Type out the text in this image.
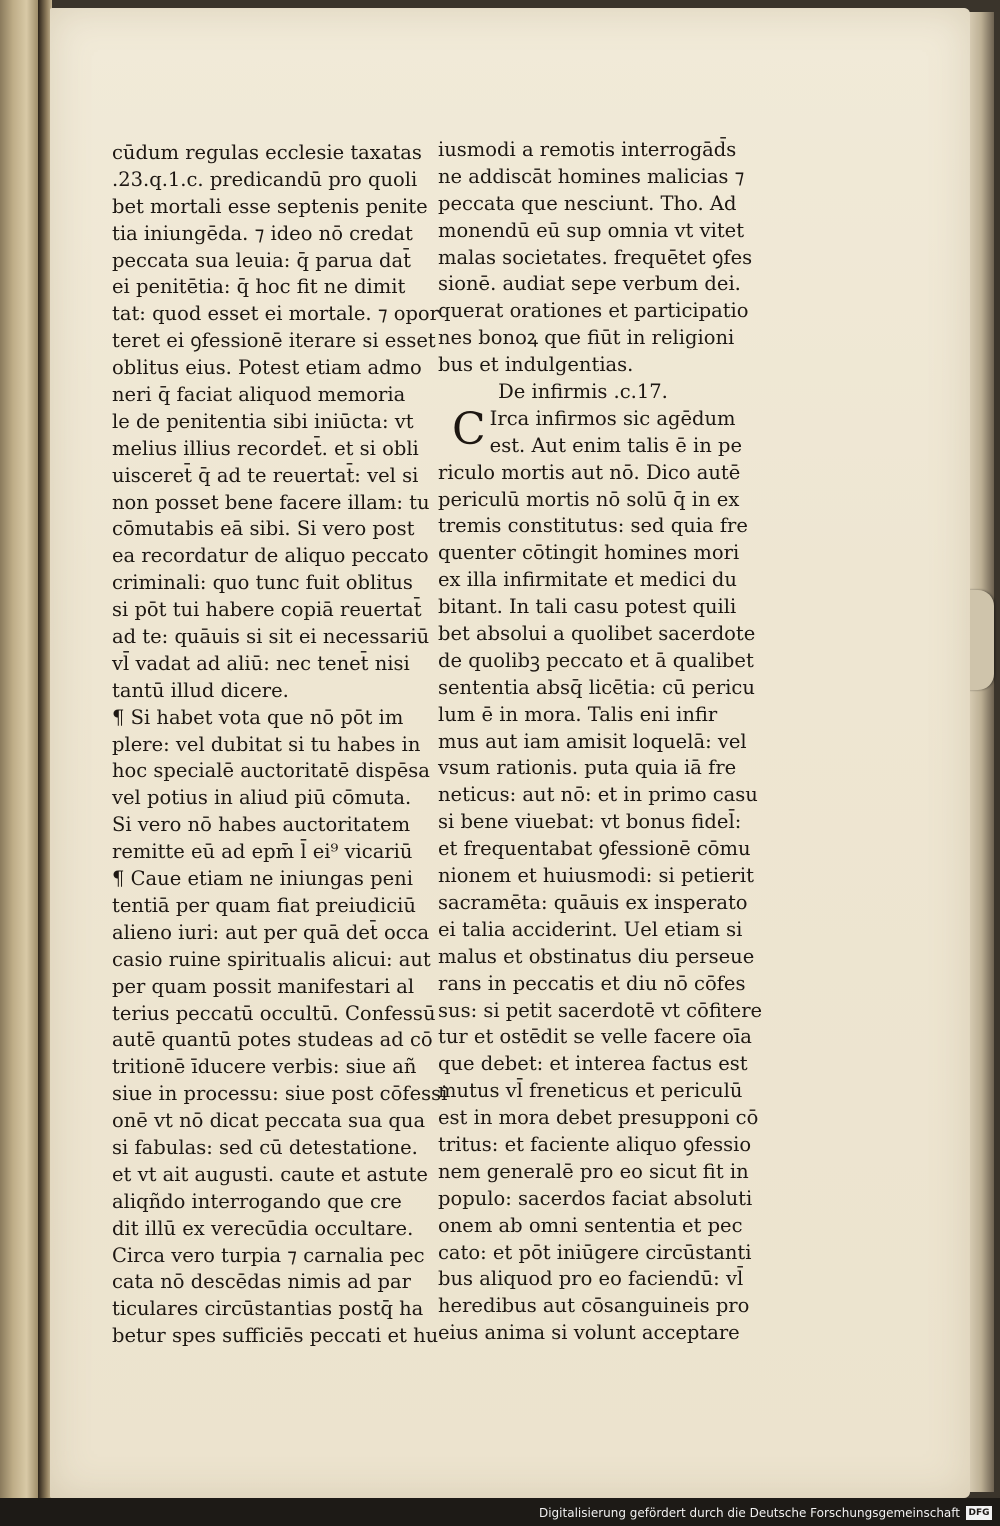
cūdum regulas ecclesie taxatas
.23.q.1.c. predicandū pro quoli
bet mortali esse septenis penite
tia iniungēda. ⁊ ideo nō credat
peccata sua leuia: q̄ parua dat̄
ei penitētia: q̄ hoc fit ne dimit
tat: quod esset ei mortale. ⁊ opor
teret ei ꝯfessionē iterare si esset
oblitus eius. Potest etiam admo
neri q̄ faciat aliquod memoria
le de penitentia sibi iniūcta: vt
melius illius recordet̄. et si obli
uisceret̄ q̄ ad te reuertat̄: vel si
non posset bene facere illam: tu
cōmutabis eā sibi. Si vero post
ea recordatur de aliquo peccato
criminali: quo tunc fuit oblitus
si pōt tui habere copiā reuertat̄
ad te: quāuis si sit ei necessariū
vl̄ vadat ad aliū: nec tenet̄ nisi
tantū illud dicere.
¶ Si habet vota que nō pōt im
plere: vel dubitat si tu habes in
hoc specialē auctoritatē dispēsa
vel potius in aliud piū cōmuta.
Si vero nō habes auctoritatem
remitte eū ad epm̄ l̄ ei⁹ vicariū
¶ Caue etiam ne iniungas peni
tentiā per quam fiat preiudiciū
alieno iuri: aut per quā det̄ occa
casio ruine spiritualis alicui: aut
per quam possit manifestari al
terius peccatū occultū. Confessū
autē quantū potes studeas ad cō
tritionē īducere verbis: siue añ
siue in processu: siue post cōfessi
onē vt nō dicat peccata sua qua
si fabulas: sed cū detestatione.
et vt ait augusti. caute et astute
aliqñdo interrogando que cre
dit illū ex verecūdia occultare.
Circa vero turpia ⁊ carnalia pec
cata nō descēdas nimis ad par
ticulares circūstantias postq̄ ha
betur spes sufficiēs peccati et hu
iusmodi a remotis interrogād̄s
ne addiscāt homines malicias ⁊
peccata que nesciunt. Tho. Ad
monendū eū sup omnia vt vitet
malas societates. frequētet ꝯfes
sionē. audiat sepe verbum dei.
querat orationes et participatio
nes bonoꝝ que fiūt in religioni
bus et indulgentias.
De infirmis .c.17.
C Irca infirmos sic agēdum
est. Aut enim talis ē in pe
riculo mortis aut nō. Dico autē
periculū mortis nō solū q̄ in ex
tremis constitutus: sed quia fre
quenter cōtingit homines mori
ex illa infirmitate et medici du
bitant. In tali casu potest quili
bet absolui a quolibet sacerdote
de quolibꝫ peccato et ā qualibet
sententia absq̄ licētia: cū pericu
lum ē in mora. Talis eni infir
mus aut iam amisit loquelā: vel
vsum rationis. puta quia iā fre
neticus: aut nō: et in primo casu
si bene viuebat: vt bonus fidel̄:
et frequentabat ꝯfessionē cōmu
nionem et huiusmodi: si petierit
sacramēta: quāuis ex insperato
ei talia acciderint. Uel etiam si
malus et obstinatus diu perseue
rans in peccatis et diu nō cōfes
sus: si petit sacerdotē vt cōfitere
tur et ostēdit se velle facere oīa
que debet: et interea factus est
mutus vl̄ freneticus et periculū
est in mora debet presupponi cō
tritus: et faciente aliquo ꝯfessio
nem generalē pro eo sicut fit in
populo: sacerdos faciat absoluti
onem ab omni sententia et pec
cato: et pōt iniūgere circūstanti
bus aliquod pro eo faciendū: vl̄
heredibus aut cōsanguineis pro
eius anima si volunt acceptare
Digitalisierung gefördert durch die Deutsche Forschungsgemeinschaft DFG
